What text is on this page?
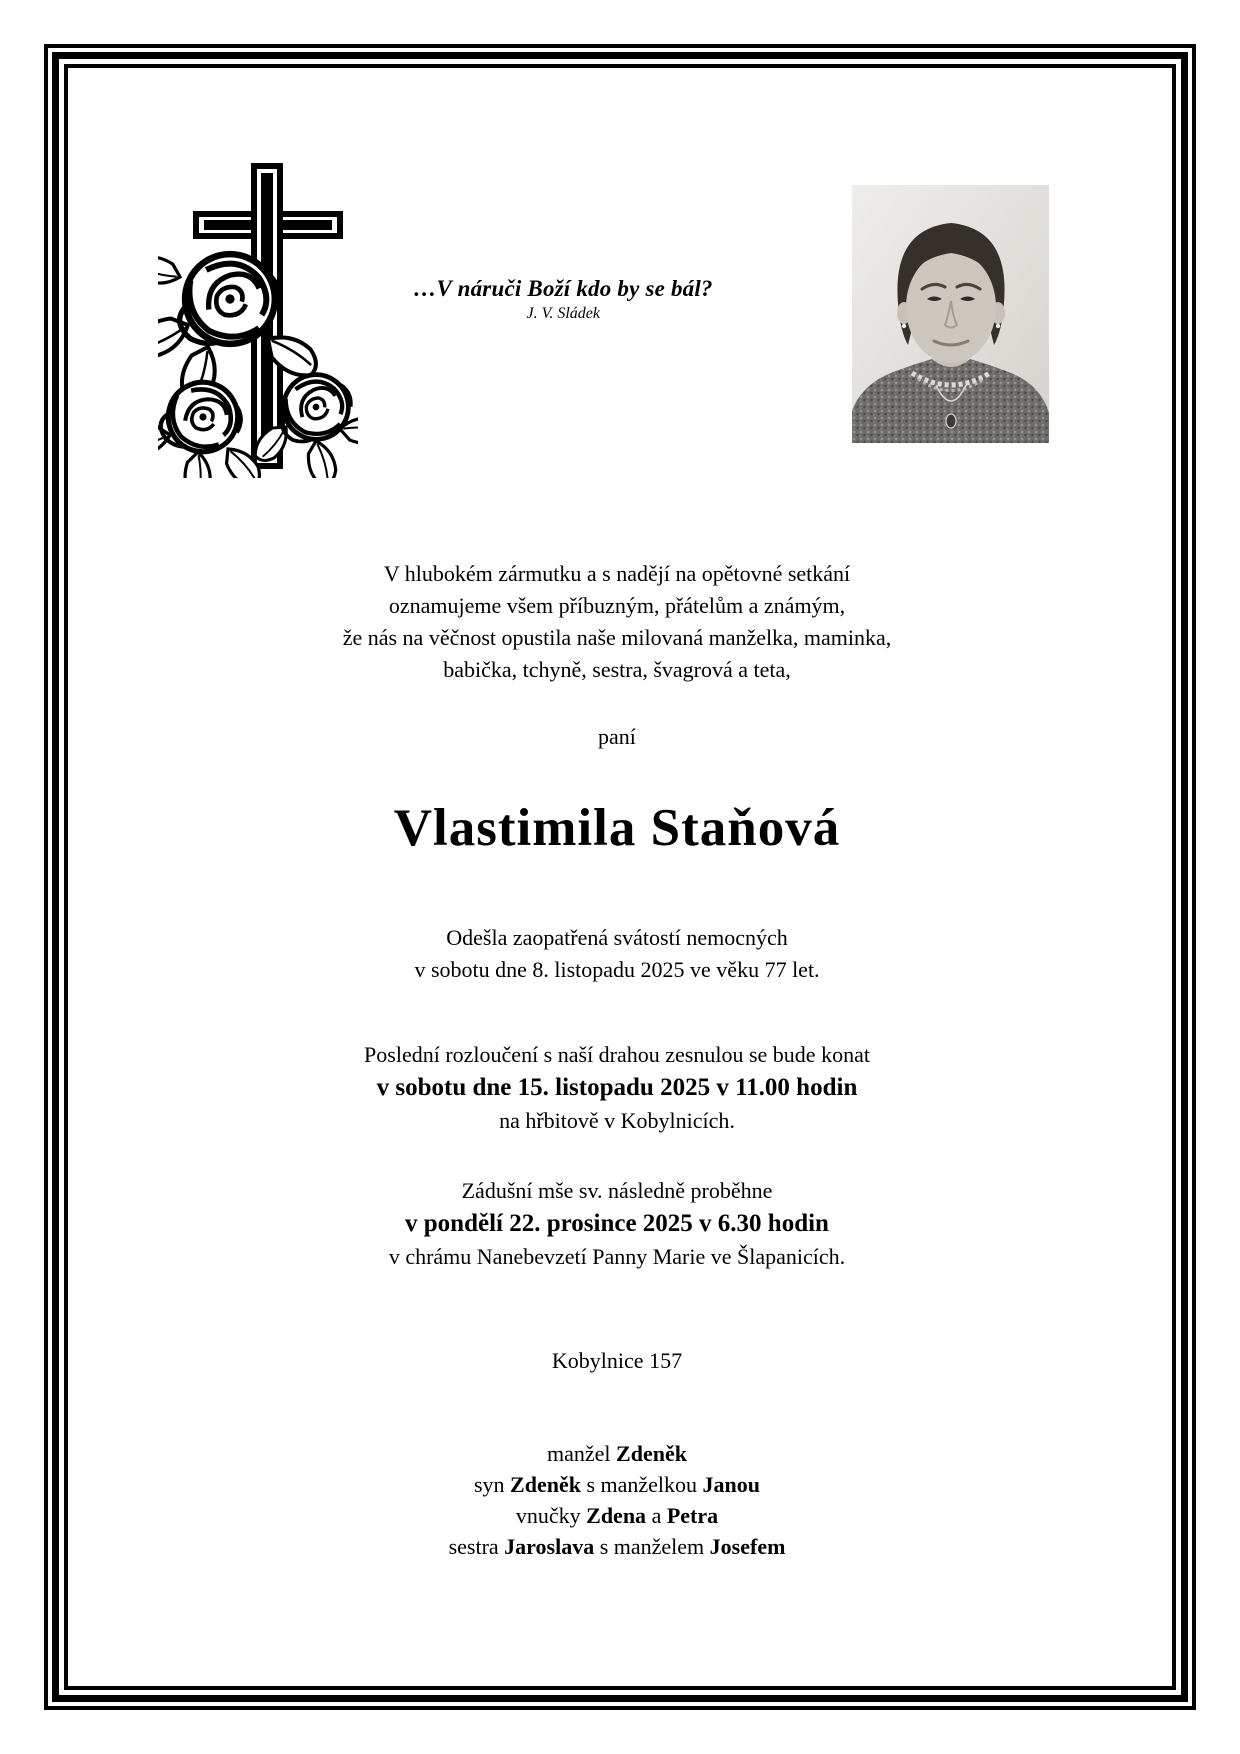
…V náruči Boží kdo by se bál?
J. V. Sládek
V hlubokém zármutku a s nadějí na opětovné setkání
oznamujeme všem příbuzným, přátelům a známým,
že nás na věčnost opustila naše milovaná manželka, maminka,
babička, tchyně, sestra, švagrová a teta,
paní
Vlastimila Staňová
Odešla zaopatřená svátostí nemocných
v sobotu dne 8. listopadu 2025 ve věku 77 let.
Poslední rozloučení s naší drahou zesnulou se bude konat
v sobotu dne 15. listopadu 2025 v 11.00 hodin
na hřbitově v Kobylnicích.
Zádušní mše sv. následně proběhne
v pondělí 22. prosince 2025 v 6.30 hodin
v chrámu Nanebevzetí Panny Marie ve Šlapanicích.
Kobylnice 157
manžel Zdeněk
syn Zdeněk s manželkou Janou
vnučky Zdena a Petra
sestra Jaroslava s manželem Josefem
